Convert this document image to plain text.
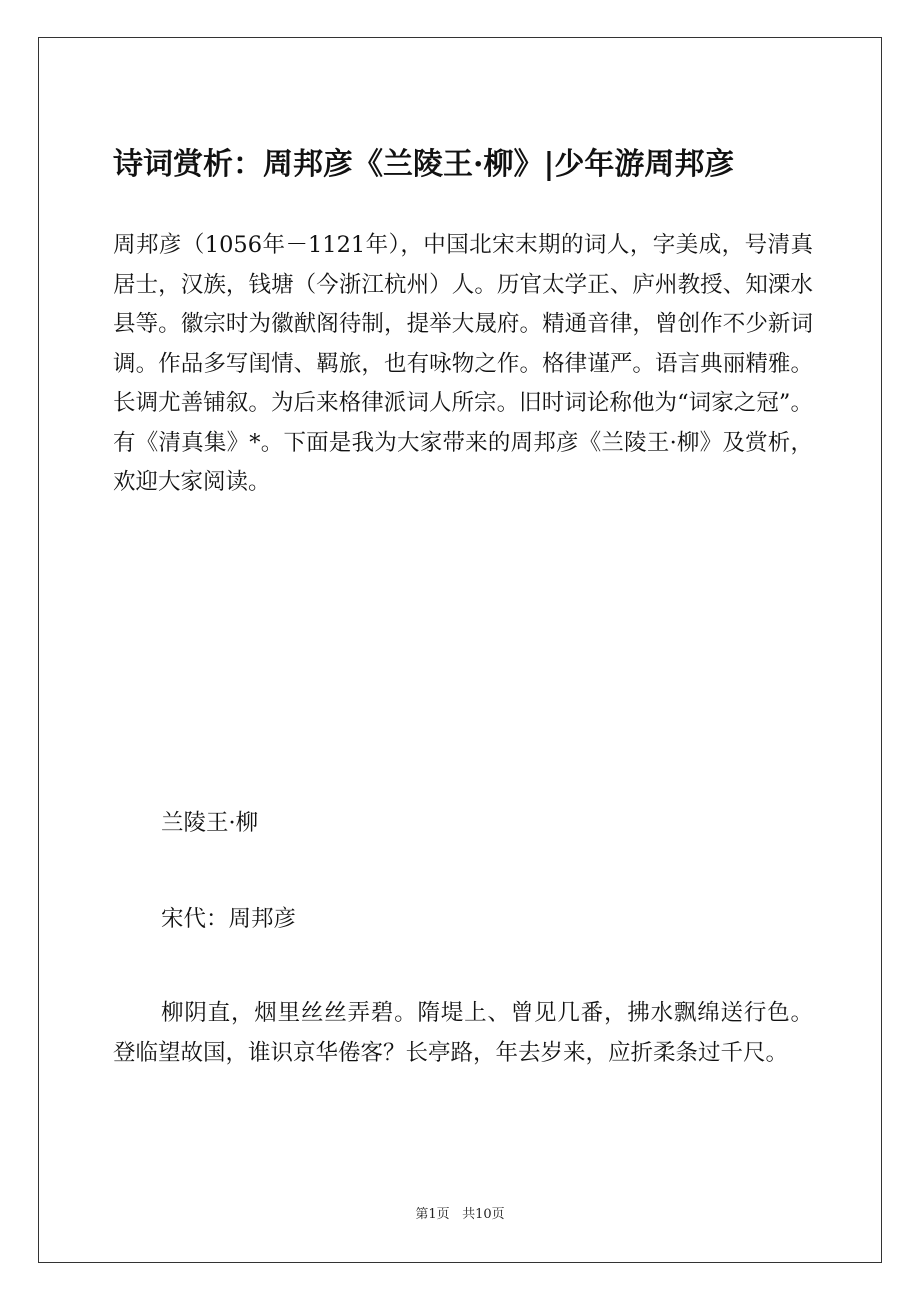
诗词赏析：周邦彦《兰陵王·柳》|少年游周邦彦

周邦彦（1056年－1121年），中国北宋末期的词人，字美成，号清真居士，汉族，钱塘（今浙江杭州）人。历官太学正、庐州教授、知溧水县等。徽宗时为徽猷阁待制，提举大晟府。精通音律，曾创作不少新词调。作品多写闺情、羁旅，也有咏物之作。格律谨严。语言典丽精雅。长调尤善铺叙。为后来格律派词人所宗。旧时词论称他为“词家之冠”。有《清真集》*。下面是我为大家带来的周邦彦《兰陵王·柳》及赏析，欢迎大家阅读。

兰陵王·柳

宋代：周邦彦

柳阴直，烟里丝丝弄碧。隋堤上、曾见几番，拂水飘绵送行色。登临望故国，谁识京华倦客？长亭路，年去岁来，应折柔条过千尺。

第1页 共10页
